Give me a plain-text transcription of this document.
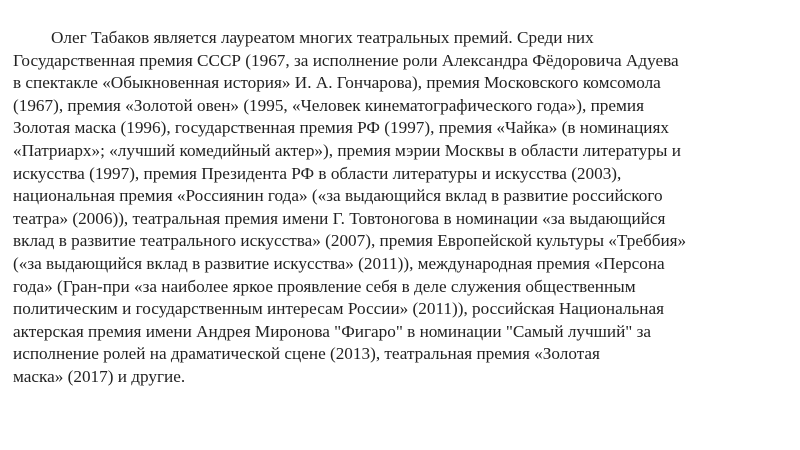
Олег Табаков является лауреатом многих театральных премий. Среди них
Государственная премия СССР (1967, за исполнение роли Александра Фёдоровича Адуева
в спектакле «Обыкновенная история» И. А. Гончарова), премия Московского комсомола
(1967), премия «Золотой овен» (1995, «Человек кинематографического года»), премия
Золотая маска (1996), государственная премия РФ (1997), премия «Чайка» (в номинациях
«Патриарх»; «лучший комедийный актер»), премия мэрии Москвы в области литературы и
искусства (1997), премия Президента РФ в области литературы и искусства (2003),
национальная премия «Россиянин года» («за выдающийся вклад в развитие российского
театра» (2006)), театральная премия имени Г. Товтоногова в номинации «за выдающийся
вклад в развитие театрального искусства» (2007), премия Европейской культуры «Треббия»
(«за выдающийся вклад в развитие искусства» (2011)), международная премия «Персона
года» (Гран-при «за наиболее яркое проявление себя в деле служения общественным
политическим и государственным интересам России» (2011)), российская Национальная
актерская премия имени Андрея Миронова "Фигаро" в номинации "Самый лучший" за
исполнение ролей на драматической сцене (2013), театральная премия «Золотая
маска» (2017) и другие.
